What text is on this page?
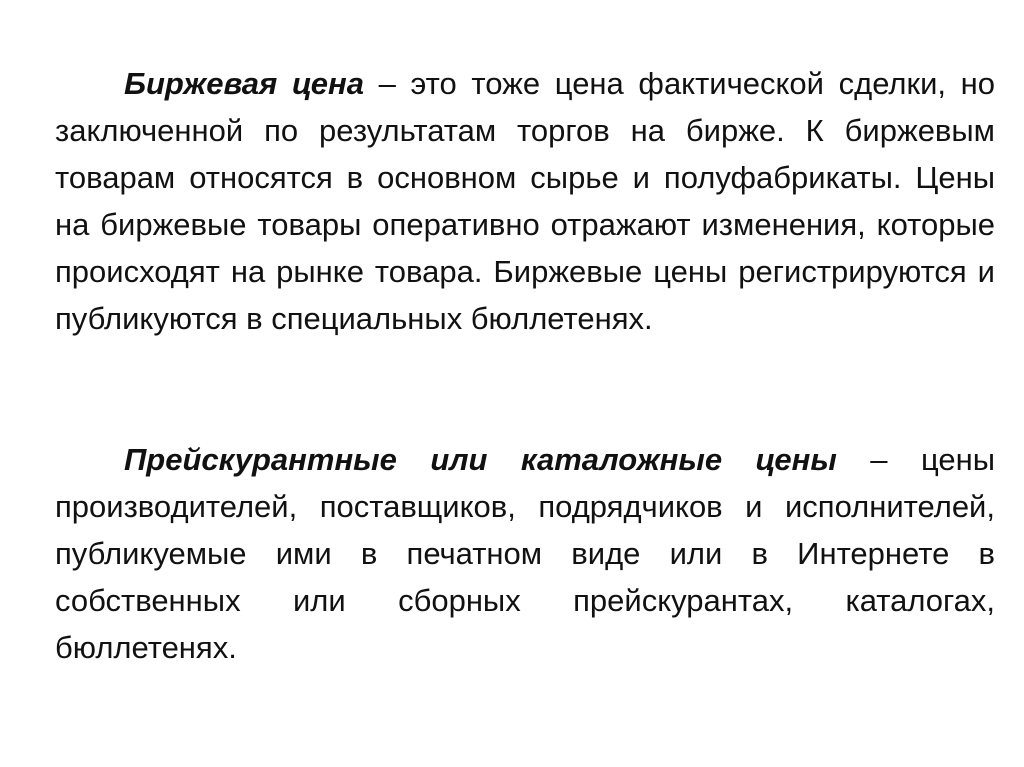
Биржевая цена – это тоже цена фактической сделки, но заключенной по результатам торгов на бирже. К биржевым товарам относятся в основном сырье и полуфабрикаты. Цены на биржевые товары оперативно отражают изменения, которые происходят на рынке товара. Биржевые цены регистрируются и публикуются в специальных бюллетенях.

Прейскурантные или каталожные цены – цены производителей, поставщиков, подрядчиков и исполнителей, публикуемые ими в печатном виде или в Интернете в собственных или сборных прейскурантах, каталогах, бюллетенях.
